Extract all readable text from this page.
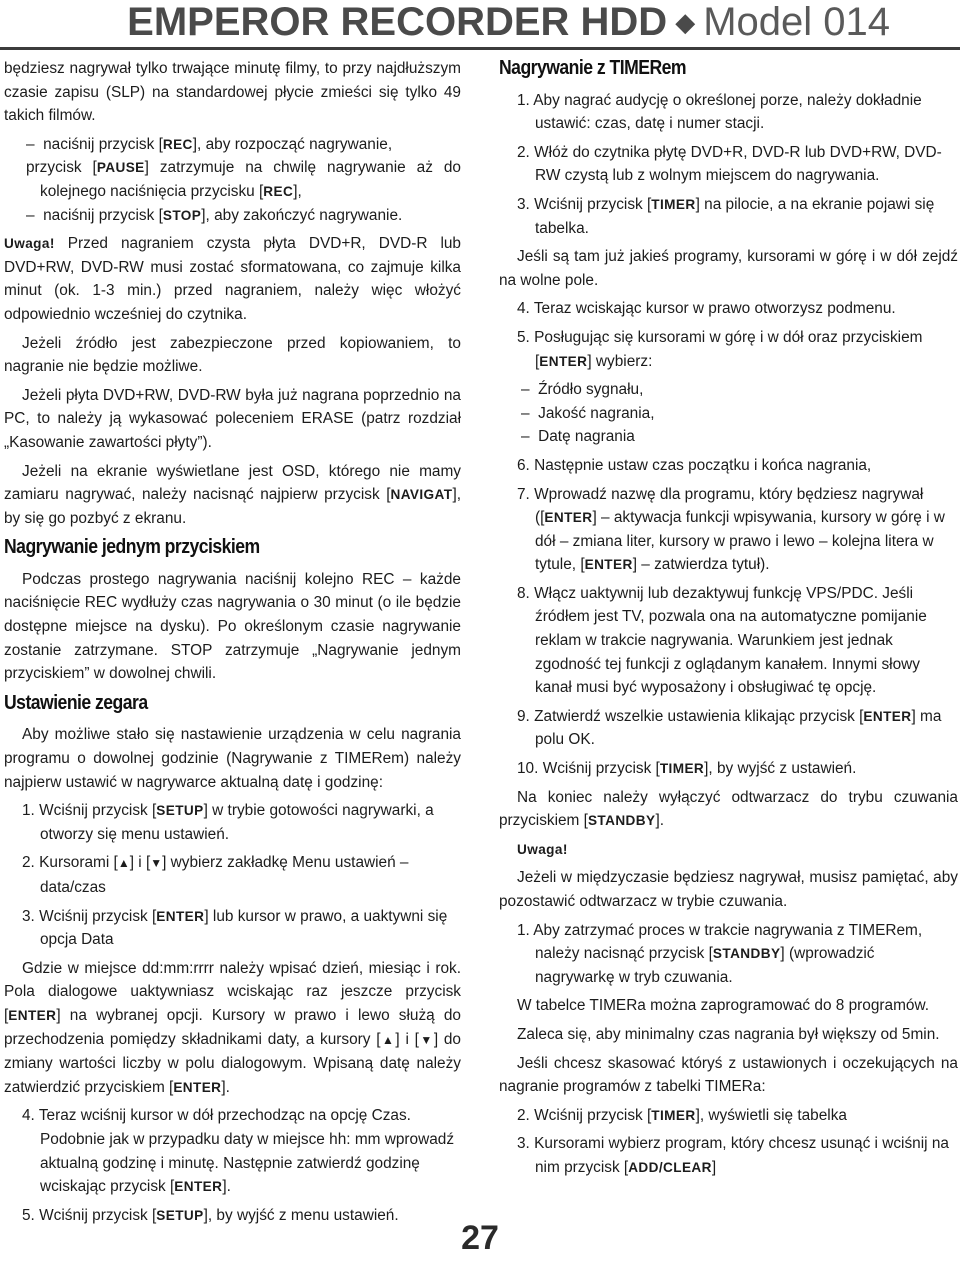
EMPEROR RECORDER HDD ◆ Model 014

będziesz nagrywał tylko trwające minutę filmy, to przy najdłuższym czasie zapisu (SLP) na standardowej płycie zmieści się tylko 49 takich filmów.

–  naciśnij przycisk [REC], aby rozpocząć nagrywanie,
przycisk [PAUSE] zatrzymuje na chwilę nagrywanie aż do kolejnego naciśnięcia przycisku [REC],
–  naciśnij przycisk [STOP], aby zakończyć nagrywanie.

Uwaga! Przed nagraniem czysta płyta DVD+R, DVD-R lub DVD+RW, DVD-RW musi zostać sformatowana, co zajmuje kilka minut (ok. 1-3 min.) przed nagraniem, należy więc włożyć odpowiednio wcześniej do czytnika.

Jeżeli źródło jest zabezpieczone przed kopiowaniem, to nagranie nie będzie możliwe.

Jeżeli płyta DVD+RW, DVD-RW była już nagrana poprzednio na PC, to należy ją wykasować poleceniem ERASE (patrz rozdział „Kasowanie zawartości płyty”).

Jeżeli na ekranie wyświetlane jest OSD, którego nie mamy zamiaru nagrywać, należy nacisnąć najpierw przycisk [NAVIGAT], by się go pozbyć z ekranu.

Nagrywanie jednym przyciskiem

Podczas prostego nagrywania naciśnij kolejno REC – każde naciśnięcie REC wydłuży czas nagrywania o 30 minut (o ile będzie dostępne miejsce na dysku). Po określonym czasie nagrywanie zostanie zatrzymane. STOP zatrzymuje „Nagrywanie jednym przyciskiem” w dowolnej chwili.

Ustawienie zegara

Aby możliwe stało się nastawienie urządzenia w celu nagrania programu o dowolnej godzinie (Nagrywanie z TIMERem) należy najpierw ustawić w nagrywarce aktualną datę i godzinę:

1. Wciśnij przycisk [SETUP] w trybie gotowości nagrywarki, a otworzy się menu ustawień.
2. Kursorami [ ▲ ] i [ ▼ ] wybierz zakładkę Menu ustawień – data/czas
3. Wciśnij przycisk [ENTER] lub kursor w prawo, a uaktywni się opcja Data

Gdzie w miejsce dd:mm:rrrr należy wpisać dzień, miesiąc i rok. Pola dialogowe uaktywniasz wciskając raz jeszcze przycisk [ENTER] na wybranej opcji. Kursory w prawo i lewo służą do przechodzenia pomiędzy składnikami daty, a kursory [ ▲ ] i [ ▼ ] do zmiany wartości liczby w polu dialogowym. Wpisaną datę należy zatwierdzić przyciskiem [ENTER].

4. Teraz wciśnij kursor w dół przechodząc na opcję Czas. Podobnie jak w przypadku daty w miejsce hh: mm wprowadź aktualną godzinę i minutę. Następnie zatwierdź godzinę wciskając przycisk [ENTER].
5. Wciśnij przycisk [SETUP], by wyjść z menu ustawień.
Nagrywanie z TIMERem
1. Aby nagrać audycję o określonej porze, należy dokładnie ustawić: czas, datę i numer stacji.
2. Włóż do czytnika płytę DVD+R, DVD-R lub DVD+RW, DVD-RW czystą lub z wolnym miejscem do nagrywania.
3. Wciśnij przycisk [TIMER] na pilocie, a na ekranie pojawi się tabelka.

Jeśli są tam już jakieś programy, kursorami w górę i w dół zejdź na wolne pole.

4. Teraz wciskając kursor w prawo otworzysz podmenu.
5. Posługując się kursorami w górę i w dół oraz przyciskiem [ENTER] wybierz:
–  Źródło sygnału,
–  Jakość nagrania,
–  Datę nagrania
6. Następnie ustaw czas początku i końca nagrania,
7. Wprowadź nazwę dla programu, który będziesz nagrywał ([ENTER] – aktywacja funkcji wpisywania, kursory w górę i w dół – zmiana liter, kursory w prawo i lewo – kolejna litera w tytule, [ENTER] – zatwierdza tytuł).
8. Włącz uaktywnij lub dezaktywuj funkcję VPS/PDC. Jeśli źródłem jest TV, pozwala ona na automatyczne pomijanie reklam w trakcie nagrywania. Warunkiem jest jednak zgodność tej funkcji z oglądanym kanałem. Innymi słowy kanał musi być wyposażony i obsługiwać tę opcję.
9. Zatwierdź wszelkie ustawienia klikając przycisk [ENTER] ma polu OK.
10. Wciśnij przycisk [TIMER], by wyjść z ustawień.

Na koniec należy wyłączyć odtwarzacz do trybu czuwania przyciskiem [STANDBY].

Uwaga!

Jeżeli w międzyczasie będziesz nagrywał, musisz pamiętać, aby pozostawić odtwarzacz w trybie czuwania.

1. Aby zatrzymać proces w trakcie nagrywania z TIMERem, należy nacisnąć przycisk [STANDBY] (wprowadzić nagrywarkę w tryb czuwania.

W tabelce TIMERa można zaprogramować do 8 programów.

Zaleca się, aby minimalny czas nagrania był większy od 5min.

Jeśli chcesz skasować któryś z ustawionych i oczekujących na nagranie programów z tabelki TIMERa:

2. Wciśnij przycisk [TIMER], wyświetli się tabelka
3. Kursorami wybierz program, który chcesz usunąć i wciśnij na nim przycisk [ADD/CLEAR]
27
